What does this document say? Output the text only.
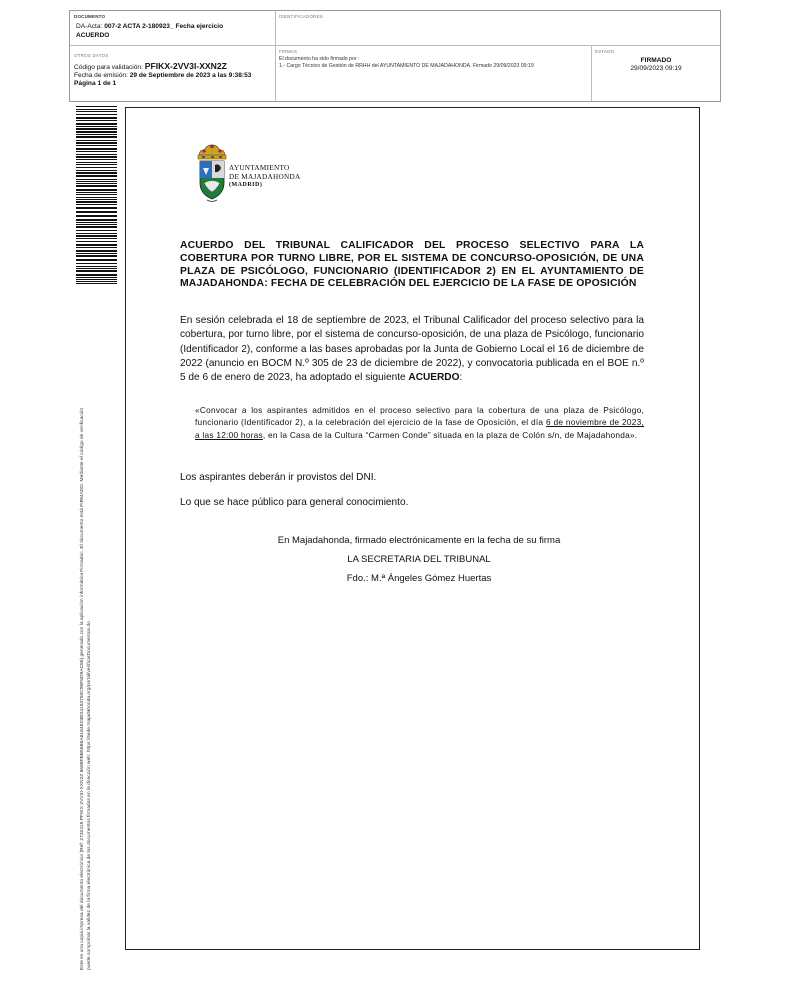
DOCUMENTO
DA-Acta: 007-2 ACTA 2-180923_ Fecha ejercicio
ACUERDO
IDENTIFICADORES
OTROS DATOS
Código para validación: PFIKX-2VV3I-XXN2Z
Fecha de emisión: 29 de Septiembre de 2023 a las 9:38:53
Página 1 de 1
FIRMAS
El documento ha sido firmado por :
1.- Cargo Técnico de Gestión de RRHH del AYUNTAMIENTO DE MAJADAHONDA. Firmado 29/09/2023 09:19
ESTADO
FIRMADO
29/09/2023 09:19
Este es una copia impresa del documento electrónico (Ref: 2732415 PFIKX-2VV3I-XXN2Z 8689FBB56B5A8184E03E04153750C95F5D9AC86) generado con la aplicación informática Firmadoc. El documento está FIRMADO. Mediante el código de verificación puede comprobar la validez de la firma electrónica de los documentos firmados en la dirección web: https://sede.majadahonda.org/portal/verificarDocumentos.do
AYUNTAMIENTO
DE MAJADAHONDA
(MADRID)
ACUERDO DEL TRIBUNAL CALIFICADOR DEL PROCESO SELECTIVO PARA LA COBERTURA POR TURNO LIBRE, POR EL SISTEMA DE CONCURSO-OPOSICIÓN, DE UNA PLAZA DE PSICÓLOGO, FUNCIONARIO (IDENTIFICADOR 2) EN EL AYUNTAMIENTO DE MAJADAHONDA: FECHA DE CELEBRACIÓN DEL EJERCICIO DE LA FASE DE OPOSICIÓN
En sesión celebrada el 18 de septiembre de 2023, el Tribunal Calificador del proceso selectivo para la cobertura, por turno libre, por el sistema de concurso-oposición, de una plaza de Psicólogo, funcionario (Identificador 2), conforme a las bases aprobadas por la Junta de Gobierno Local el 16 de diciembre de 2022 (anuncio en BOCM N.º 305 de 23 de diciembre de 2022), y convocatoria publicada en el BOE n.º 5 de 6 de enero de 2023, ha adoptado el siguiente ACUERDO:
«Convocar a los aspirantes admitidos en el proceso selectivo para la cobertura de una plaza de Psicólogo, funcionario (Identificador 2), a la celebración del ejercicio de la fase de Oposición, el día 6 de noviembre de 2023, a las 12:00 horas, en la Casa de la Cultura “Carmen Conde” situada en la plaza de Colón s/n, de Majadahonda».
Los aspirantes deberán ir provistos del DNI.
Lo que se hace público para general conocimiento.
En Majadahonda, firmado electrónicamente en la fecha de su firma
LA SECRETARIA DEL TRIBUNAL
Fdo.: M.ª Ángeles Gómez Huertas
